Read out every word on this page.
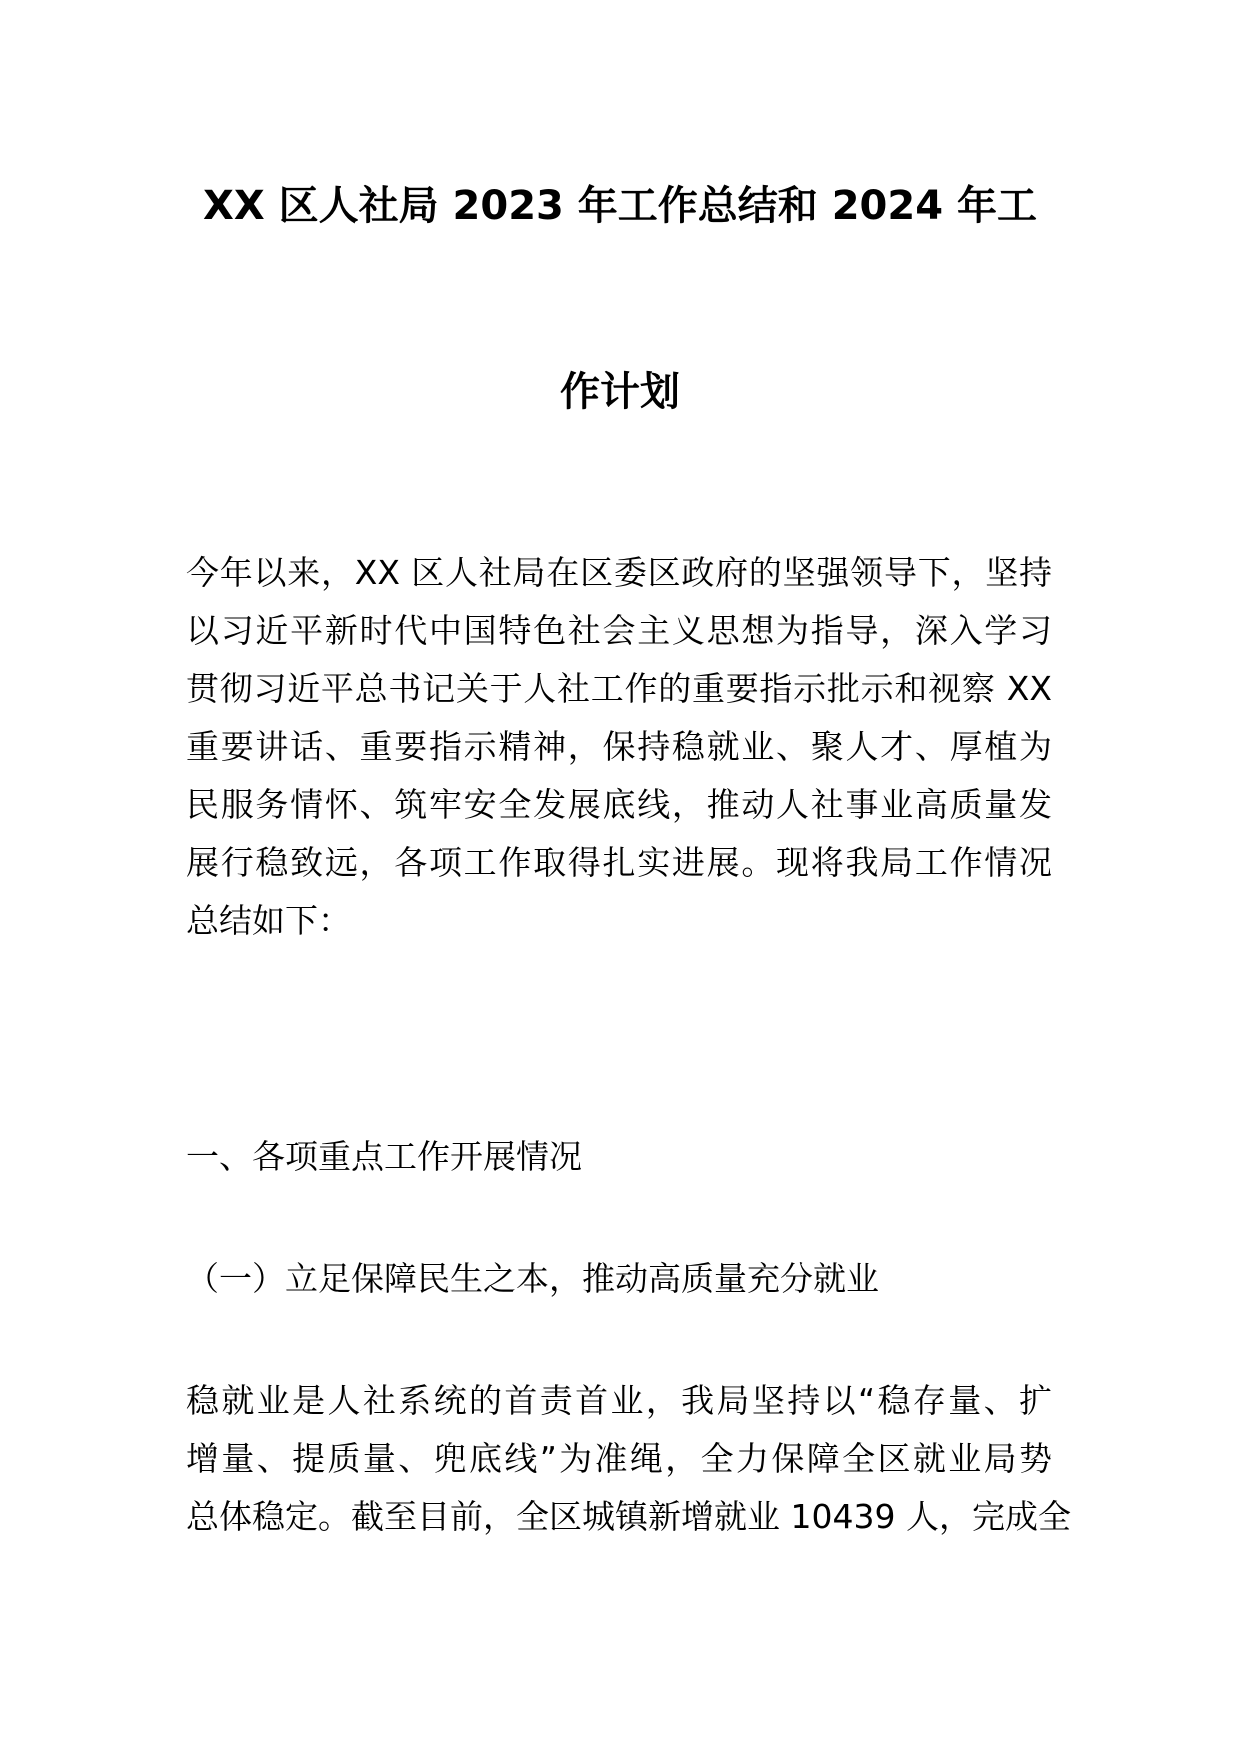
XX 区人社局 2023 年工作总结和 2024 年工
作计划
今年以来，XX 区人社局在区委区政府的坚强领导下，坚持
以习近平新时代中国特色社会主义思想为指导，深入学习
贯彻习近平总书记关于人社工作的重要指示批示和视察 XX
重要讲话、重要指示精神，保持稳就业、聚人才、厚植为
民服务情怀、筑牢安全发展底线，推动人社事业高质量发
展行稳致远，各项工作取得扎实进展。现将我局工作情况
总结如下：
一、各项重点工作开展情况
（一）立足保障民生之本，推动高质量充分就业
稳就业是人社系统的首责首业，我局坚持以“稳存量、扩
增量、提质量、兜底线”为准绳，全力保障全区就业局势
总体稳定。截至目前，全区城镇新增就业 10439 人，完成全
